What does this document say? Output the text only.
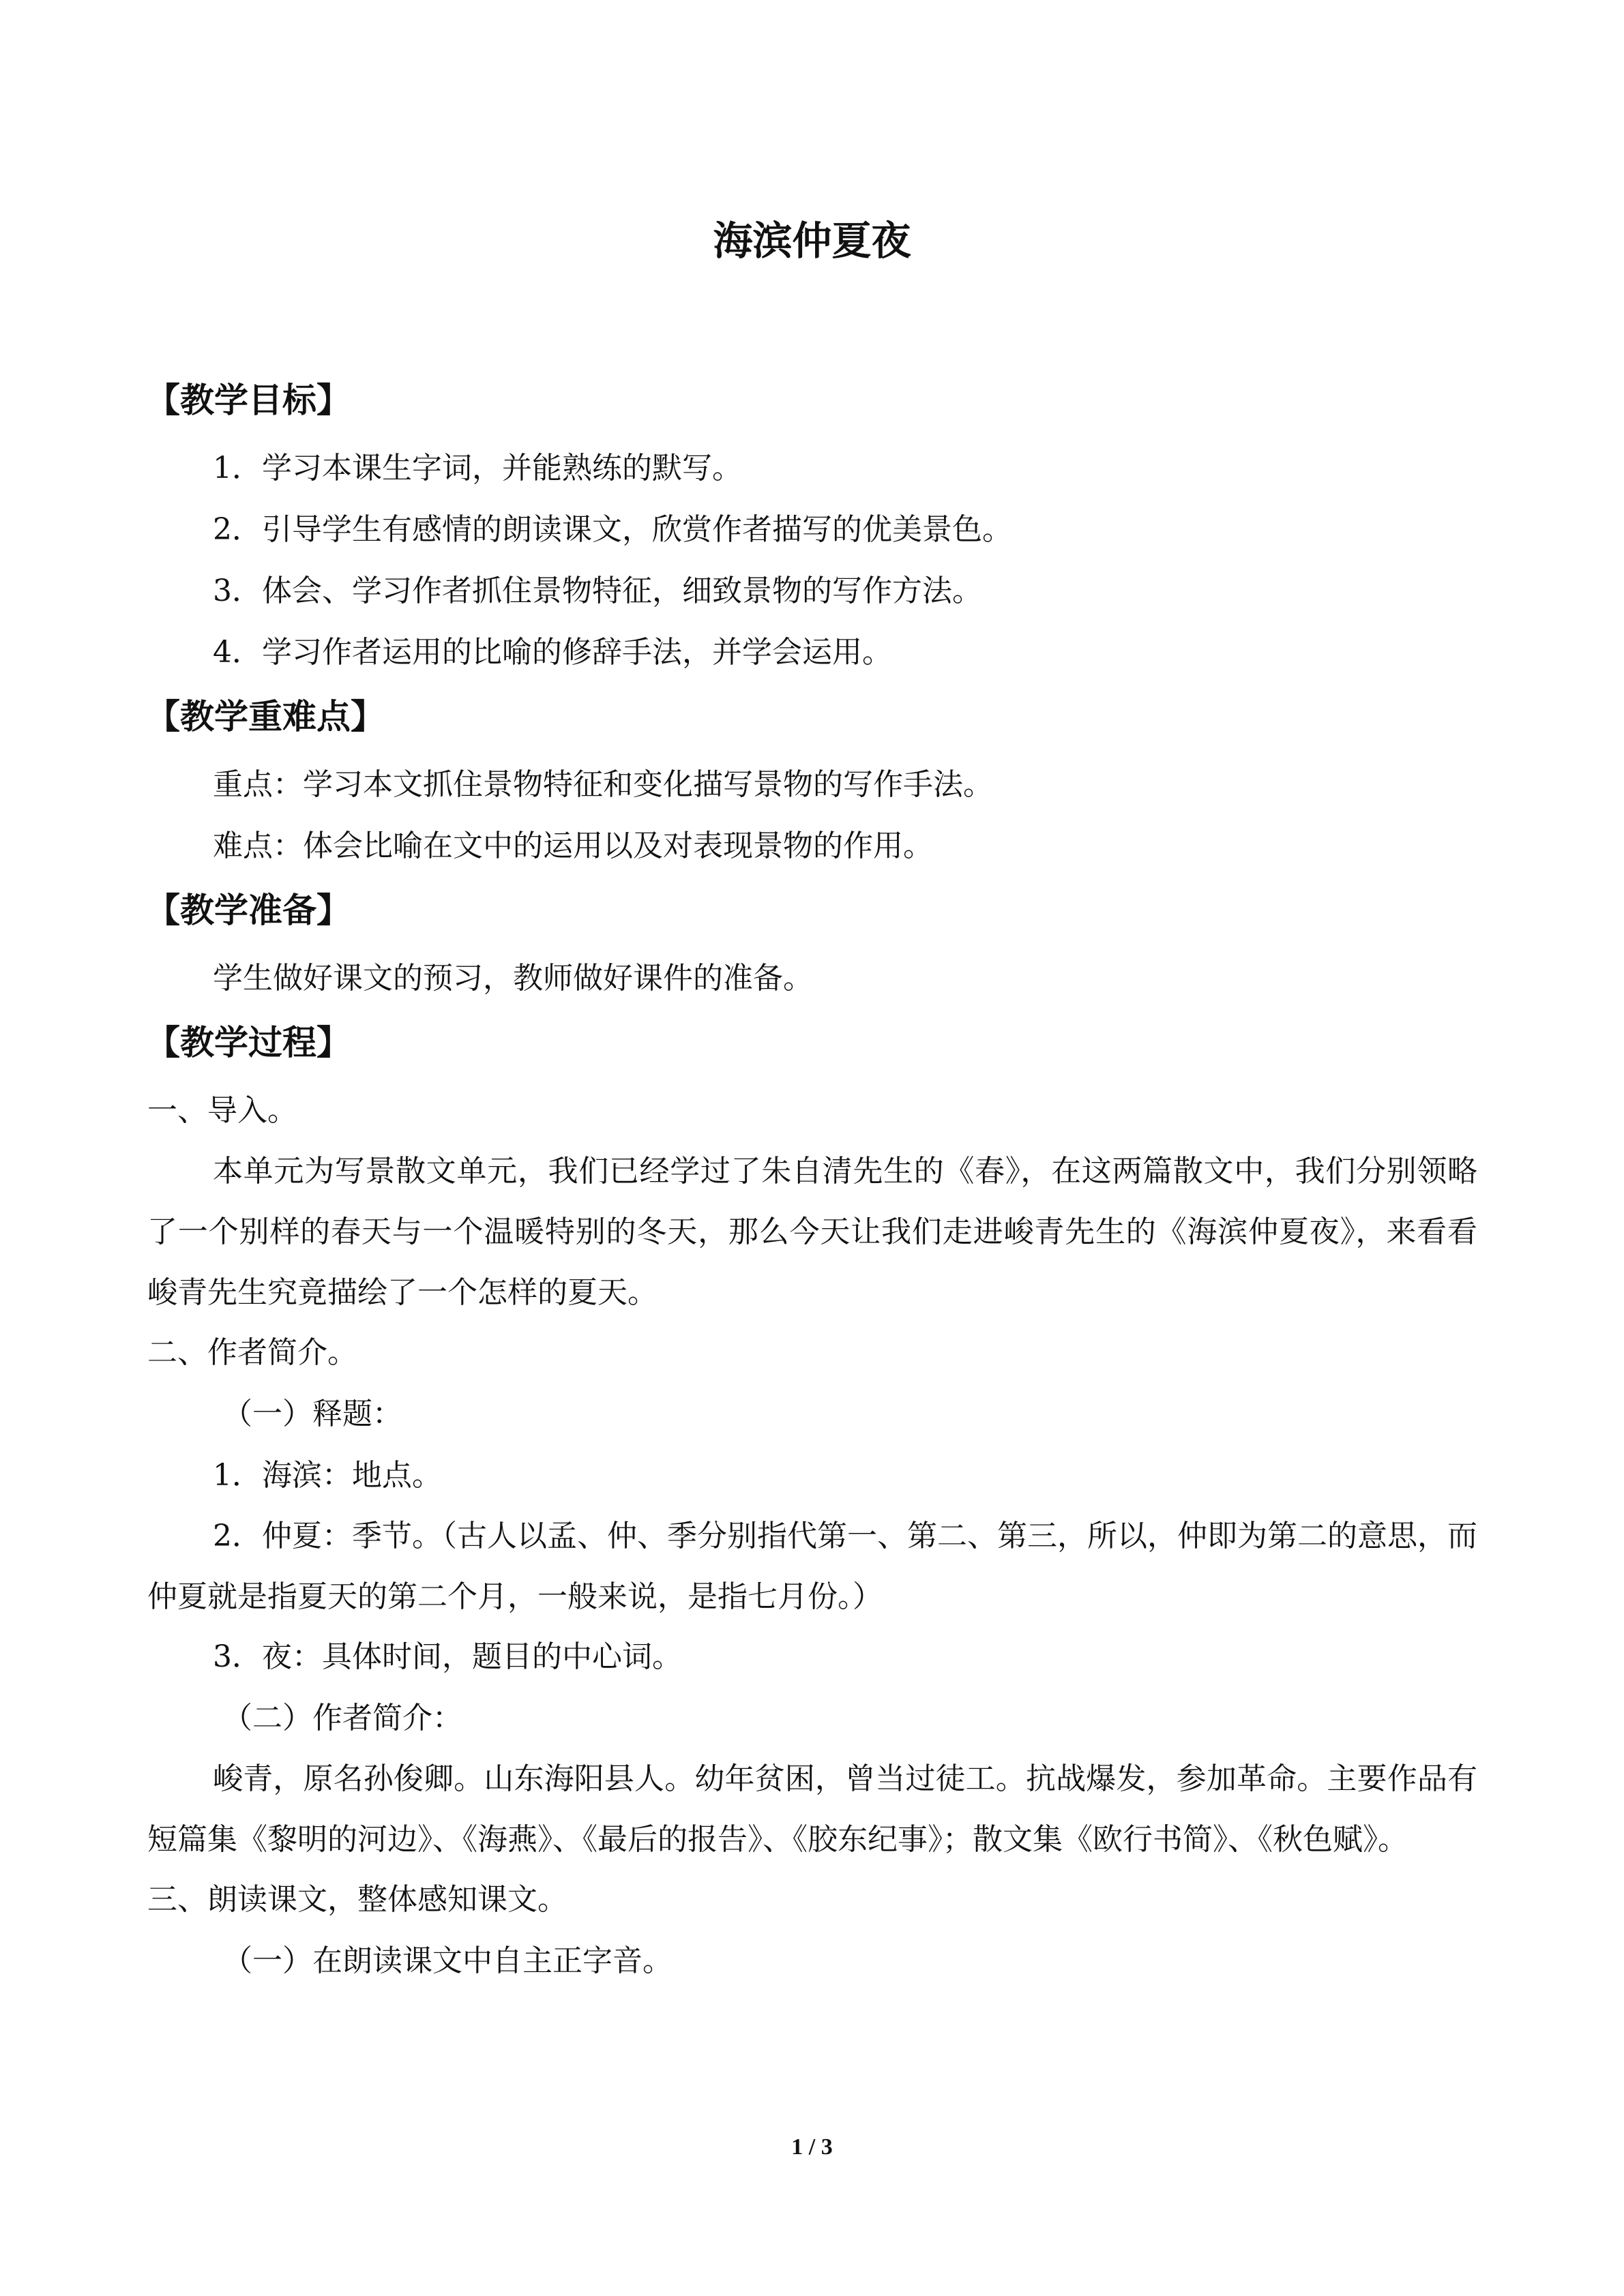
海滨仲夏夜

【教学目标】

1．学习本课生字词，并能熟练的默写。

2．引导学生有感情的朗读课文，欣赏作者描写的优美景色。

3．体会、学习作者抓住景物特征，细致景物的写作方法。

4．学习作者运用的比喻的修辞手法，并学会运用。

【教学重难点】

重点：学习本文抓住景物特征和变化描写景物的写作手法。

难点：体会比喻在文中的运用以及对表现景物的作用。

【教学准备】

学生做好课文的预习，教师做好课件的准备。

【教学过程】

一、导入。

本单元为写景散文单元，我们已经学过了朱自清先生的《春》，在这两篇散文中，我们分别领略了一个别样的春天与一个温暖特别的冬天，那么今天让我们走进峻青先生的《海滨仲夏夜》，来看看峻青先生究竟描绘了一个怎样的夏天。

二、作者简介。

（一）释题：

1．海滨：地点。

2．仲夏：季节。（古人以孟、仲、季分别指代第一、第二、第三，所以，仲即为第二的意思，而仲夏就是指夏天的第二个月，一般来说，是指七月份。）

3．夜：具体时间，题目的中心词。

（二）作者简介：

峻青，原名孙俊卿。山东海阳县人。幼年贫困，曾当过徒工。抗战爆发，参加革命。主要作品有短篇集《黎明的河边》、《海燕》、《最后的报告》、《胶东纪事》；散文集《欧行书简》、《秋色赋》。

三、朗读课文，整体感知课文。

（一）在朗读课文中自主正字音。

1 / 3
